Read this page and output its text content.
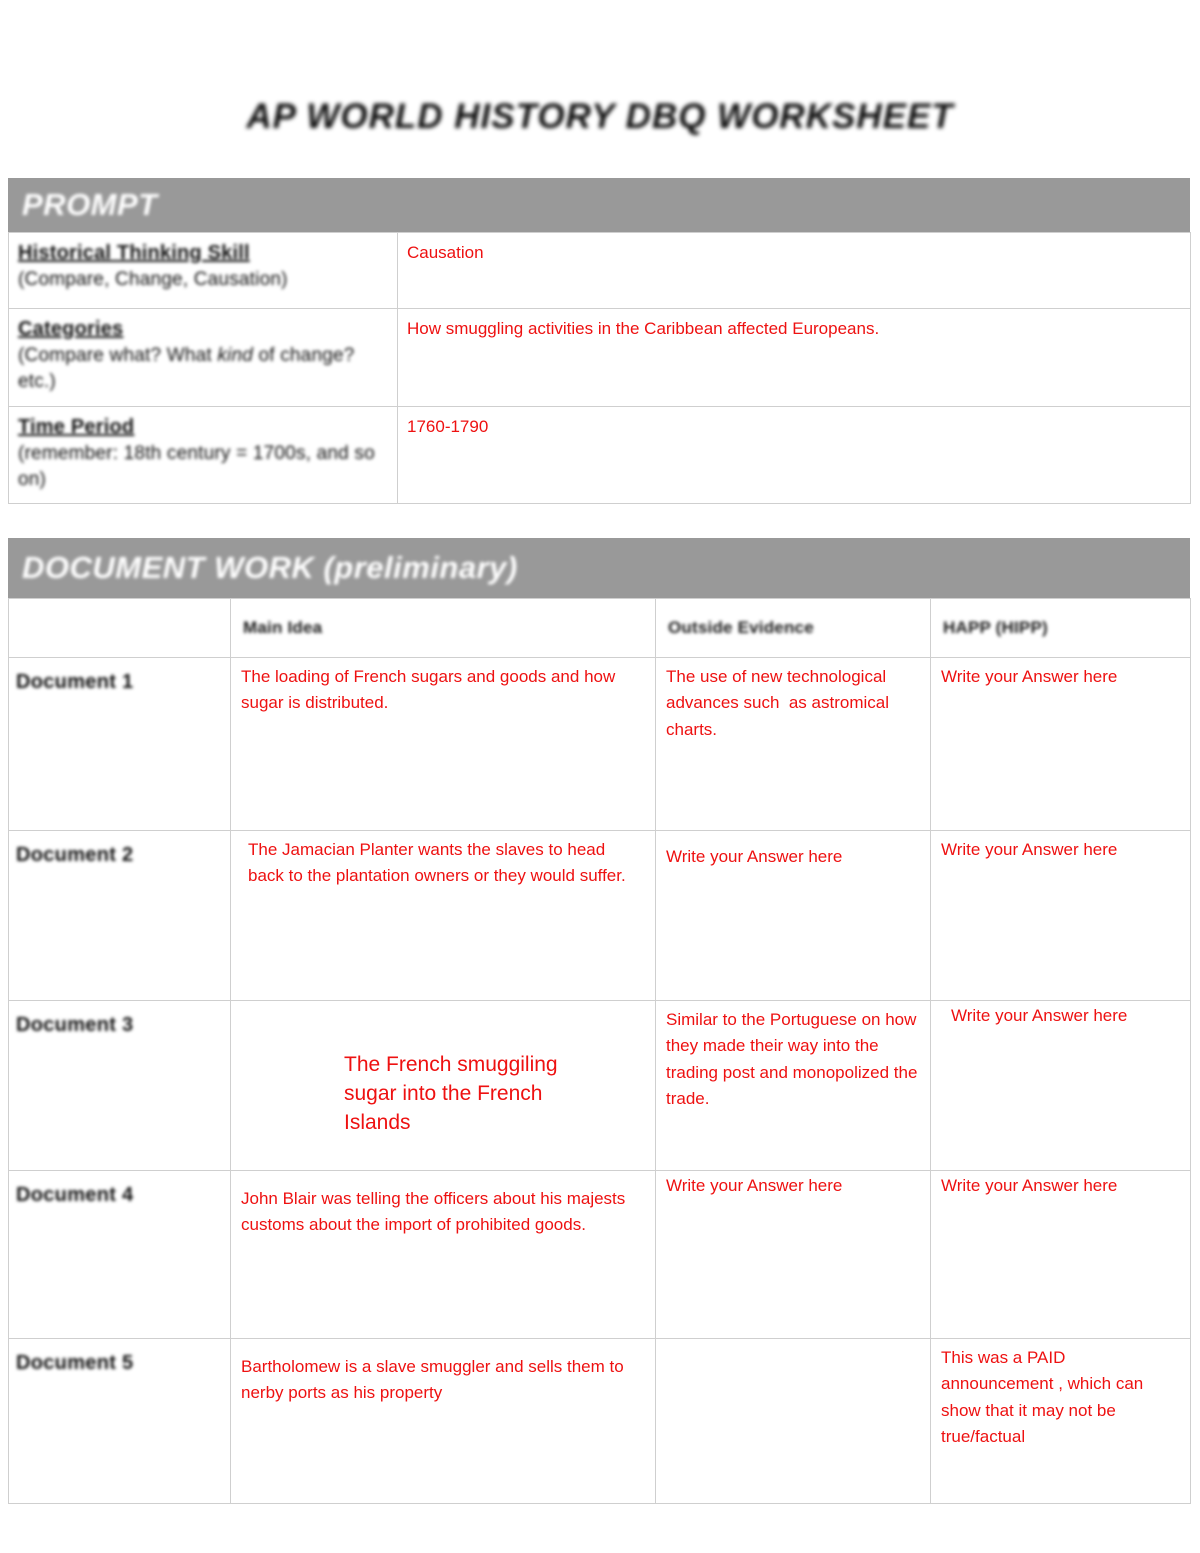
AP WORLD HISTORY DBQ WORKSHEET
PROMPT
Historical Thinking Skill
(Compare, Change, Causation)	Causation

Categories
(Compare what? What kind of change? etc.)	How smuggling activities in the Caribbean affected Europeans.

Time Period
(remember: 18th century = 1700s, and so on)	1760-1790
DOCUMENT WORK (preliminary)
	Main Idea	Outside Evidence	HAPP (HIPP)
Document 1	The loading of French sugars and goods and how sugar is distributed.	The use of new technological advances such  as astromical charts.	Write your Answer here
Document 2	The Jamacian Planter wants the slaves to head back to the plantation owners or they would suffer.	Write your Answer here	Write your Answer here
Document 3	The French smuggiling sugar into the French Islands	Similar to the Portuguese on how they made their way into the trading post and monopolized the trade.	Write your Answer here
Document 4	John Blair was telling the officers about his majests customs about the import of prohibited goods.	Write your Answer here	Write your Answer here
Document 5	Bartholomew is a slave smuggler and sells them to nerby ports as his property		This was a PAID announcement , which can show that it may not be true/factual
